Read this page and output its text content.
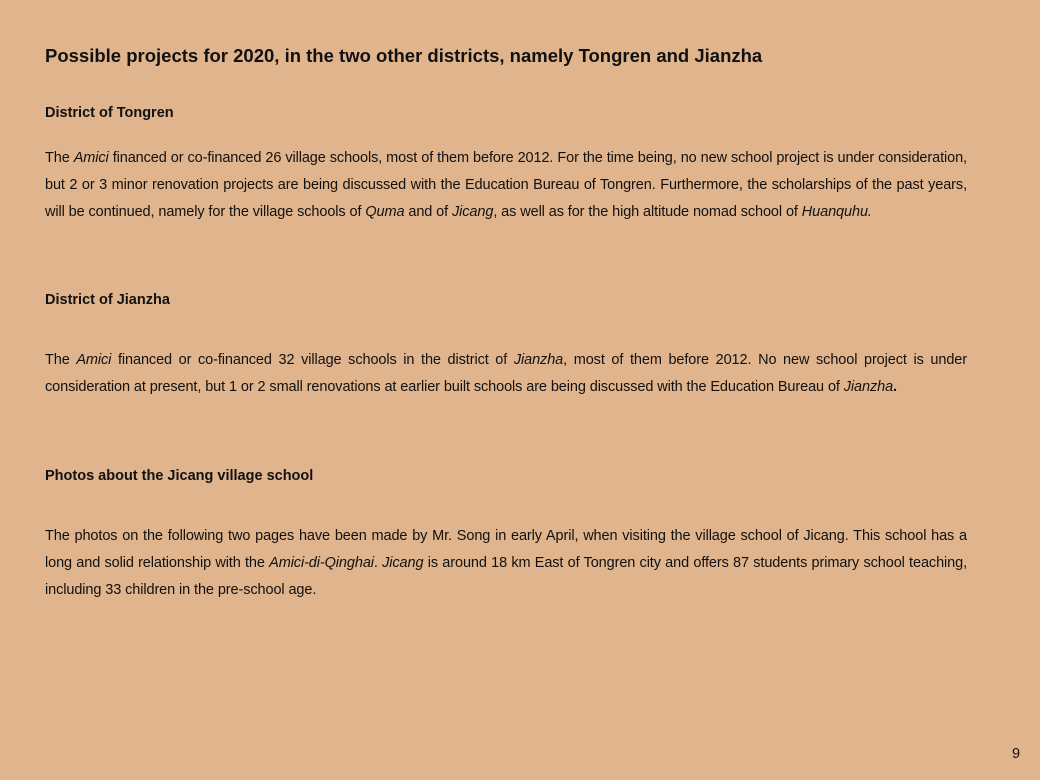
Possible projects for 2020, in the two other districts, namely Tongren and Jianzha
District of Tongren

The Amici financed or co-financed 26 village schools, most of them before 2012. For the time being, no new school project is under consideration, but 2 or 3 minor renovation projects are being discussed with the Education Bureau of Tongren. Furthermore, the scholarships of the past years, will be continued, namely for the village schools of Quma and of Jicang, as well as for the high altitude nomad school of Huanquhu.

District of Jianzha

The Amici financed or co-financed 32 village schools in the district of Jianzha, most of them before 2012. No new school project is under consideration at present, but 1 or 2 small renovations at earlier built schools are being discussed with the Education Bureau of Jianzha.

Photos about the Jicang village school

The photos on the following two pages have been made by Mr. Song in early April, when visiting the village school of Jicang. This school has a long and solid relationship with the Amici-di-Qinghai. Jicang is around 18 km East of Tongren city and offers 87 students primary school teaching, including 33 children in the pre-school age.

9
